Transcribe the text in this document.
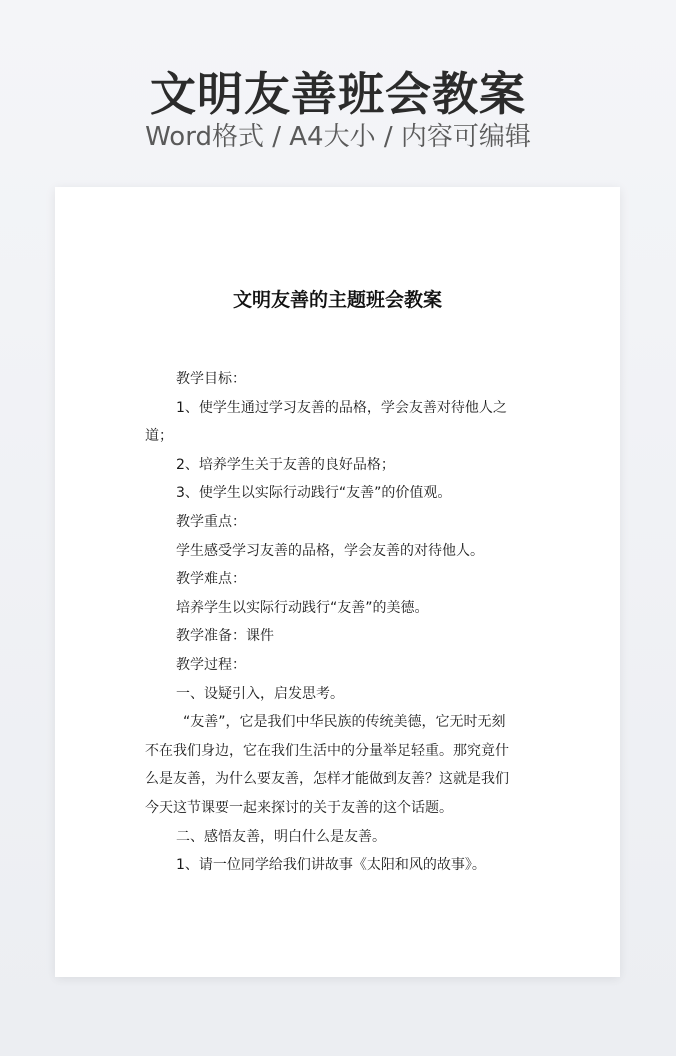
文明友善班会教案
Word格式 / A4大小 / 内容可编辑
文明友善的主题班会教案
教学目标：
1、使学生通过学习友善的品格，学会友善对待他人之
道；
2、培养学生关于友善的良好品格；
3、使学生以实际行动践行“友善”的价值观。
教学重点：
学生感受学习友善的品格，学会友善的对待他人。
教学难点：
培养学生以实际行动践行“友善”的美德。
教学准备：课件
教学过程：
一、设疑引入，启发思考。
“友善”，它是我们中华民族的传统美德，它无时无刻
不在我们身边，它在我们生活中的分量举足轻重。那究竟什
么是友善，为什么要友善，怎样才能做到友善？这就是我们
今天这节课要一起来探讨的关于友善的这个话题。
二、感悟友善，明白什么是友善。
1、请一位同学给我们讲故事《太阳和风的故事》。
